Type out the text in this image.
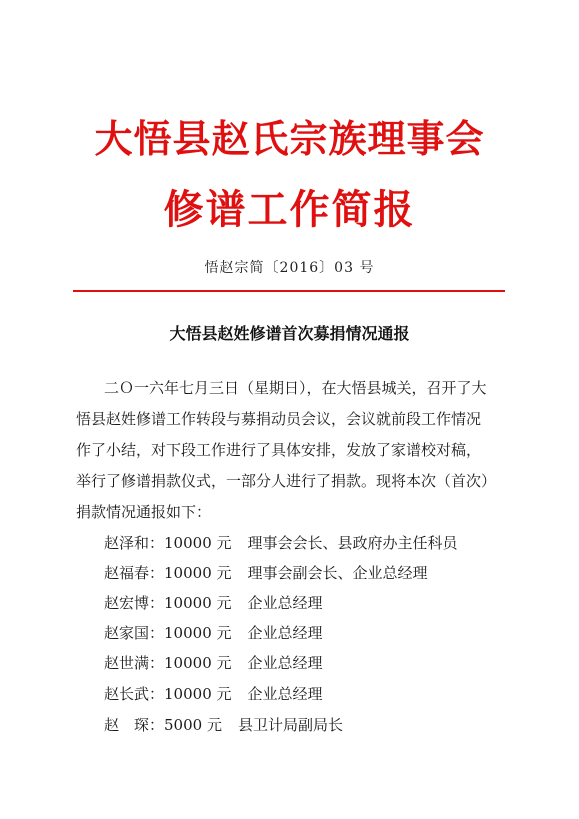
大悟县赵氏宗族理事会
修谱工作简报
悟赵宗简〔2016〕03 号
大悟县赵姓修谱首次募捐情况通报
二Ｏ一六年七月三日（星期日），在大悟县城关，召开了大
悟县赵姓修谱工作转段与募捐动员会议，会议就前段工作情况
作了小结，对下段工作进行了具体安排，发放了家谱校对稿，
举行了修谱捐款仪式，一部分人进行了捐款。现将本次（首次）
捐款情况通报如下：
赵泽和：10000 元 理事会会长、县政府办主任科员
赵福春：10000 元 理事会副会长、企业总经理
赵宏博：10000 元 企业总经理
赵家国：10000 元 企业总经理
赵世满：10000 元 企业总经理
赵长武：10000 元 企业总经理
赵　琛：5000 元 县卫计局副局长
